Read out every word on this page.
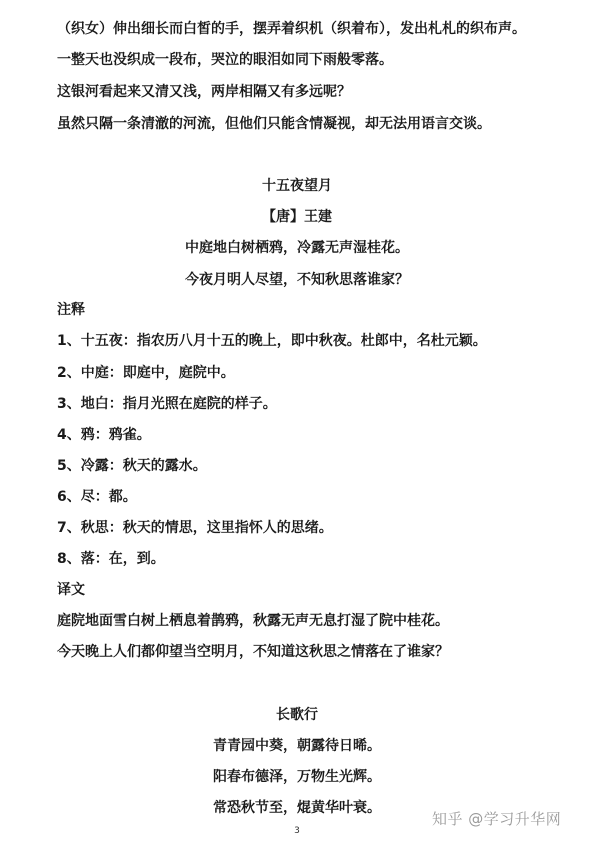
（织女）伸出细长而白皙的手，摆弄着织机（织着布），发出札札的织布声。
一整天也没织成一段布，哭泣的眼泪如同下雨般零落。
这银河看起来又清又浅，两岸相隔又有多远呢？
虽然只隔一条清澈的河流，但他们只能含情凝视，却无法用语言交谈。
十五夜望月
【唐】王建
中庭地白树栖鸦，冷露无声湿桂花。
今夜月明人尽望，不知秋思落谁家？
注释
1、十五夜：指农历八月十五的晚上，即中秋夜。杜郎中，名杜元颖。
2、中庭：即庭中，庭院中。
3、地白：指月光照在庭院的样子。
4、鸦：鸦雀。
5、冷露：秋天的露水。
6、尽：都。
7、秋思：秋天的情思，这里指怀人的思绪。
8、落：在，到。
译文
庭院地面雪白树上栖息着鹊鸦，秋露无声无息打湿了院中桂花。
今天晚上人们都仰望当空明月，不知道这秋思之情落在了谁家？
长歌行
青青园中葵，朝露待日晞。
阳春布德泽，万物生光辉。
常恐秋节至，焜黄华叶衰。
3
知乎 @学习升华网
